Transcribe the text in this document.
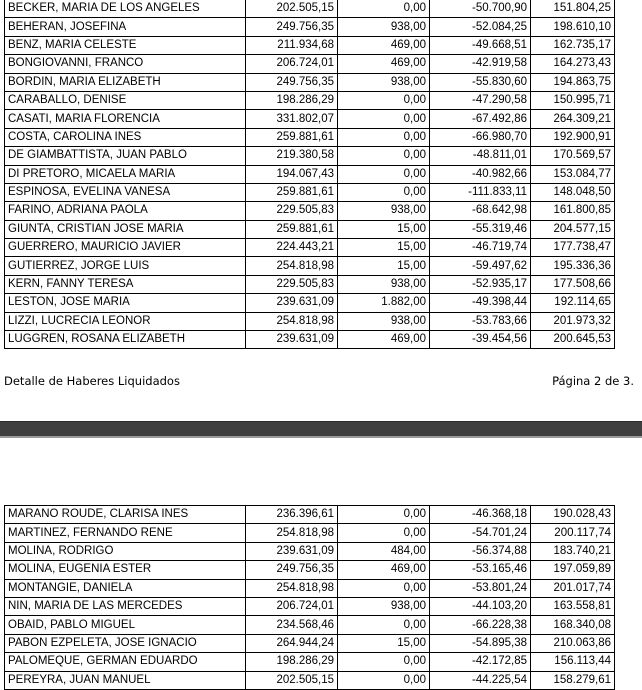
BECKER, MARIA DE LOS ANGELES	202.505,15	0,00	-50.700,90	151.804,25
BEHERAN, JOSEFINA	249.756,35	938,00	-52.084,25	198.610,10
BENZ, MARIA CELESTE	211.934,68	469,00	-49.668,51	162.735,17
BONGIOVANNI, FRANCO	206.724,01	469,00	-42.919,58	164.273,43
BORDIN, MARIA ELIZABETH	249.756,35	938,00	-55.830,60	194.863,75
CARABALLO, DENISE	198.286,29	0,00	-47.290,58	150.995,71
CASATI, MARIA FLORENCIA	331.802,07	0,00	-67.492,86	264.309,21
COSTA, CAROLINA INES	259.881,61	0,00	-66.980,70	192.900,91
DE GIAMBATTISTA, JUAN PABLO	219.380,58	0,00	-48.811,01	170.569,57
DI PRETORO, MICAELA MARIA	194.067,43	0,00	-40.982,66	153.084,77
ESPINOSA, EVELINA VANESA	259.881,61	0,00	-111.833,11	148.048,50
FARINO, ADRIANA PAOLA	229.505,83	938,00	-68.642,98	161.800,85
GIUNTA, CRISTIAN JOSE MARIA	259.881,61	15,00	-55.319,46	204.577,15
GUERRERO, MAURICIO JAVIER	224.443,21	15,00	-46.719,74	177.738,47
GUTIERREZ, JORGE LUIS	254.818,98	15,00	-59.497,62	195.336,36
KERN, FANNY TERESA	229.505,83	938,00	-52.935,17	177.508,66
LESTON, JOSE MARIA	239.631,09	1.882,00	-49.398,44	192.114,65
LIZZI, LUCRECIA LEONOR	254.818,98	938,00	-53.783,66	201.973,32
LUGGREN, ROSANA ELIZABETH	239.631,09	469,00	-39.454,56	200.645,53
Detalle de Haberes Liquidados	Página 2 de 3.
MARANO ROUDE, CLARISA INES	236.396,61	0,00	-46.368,18	190.028,43
MARTINEZ, FERNANDO RENE	254.818,98	0,00	-54.701,24	200.117,74
MOLINA, RODRIGO	239.631,09	484,00	-56.374,88	183.740,21
MOLINA, EUGENIA ESTER	249.756,35	469,00	-53.165,46	197.059,89
MONTANGIE, DANIELA	254.818,98	0,00	-53.801,24	201.017,74
NIN, MARIA DE LAS MERCEDES	206.724,01	938,00	-44.103,20	163.558,81
OBAID, PABLO MIGUEL	234.568,46	0,00	-66.228,38	168.340,08
PABON EZPELETA, JOSE IGNACIO	264.944,24	15,00	-54.895,38	210.063,86
PALOMEQUE, GERMAN EDUARDO	198.286,29	0,00	-42.172,85	156.113,44
PEREYRA, JUAN MANUEL	202.505,15	0,00	-44.225,54	158.279,61
